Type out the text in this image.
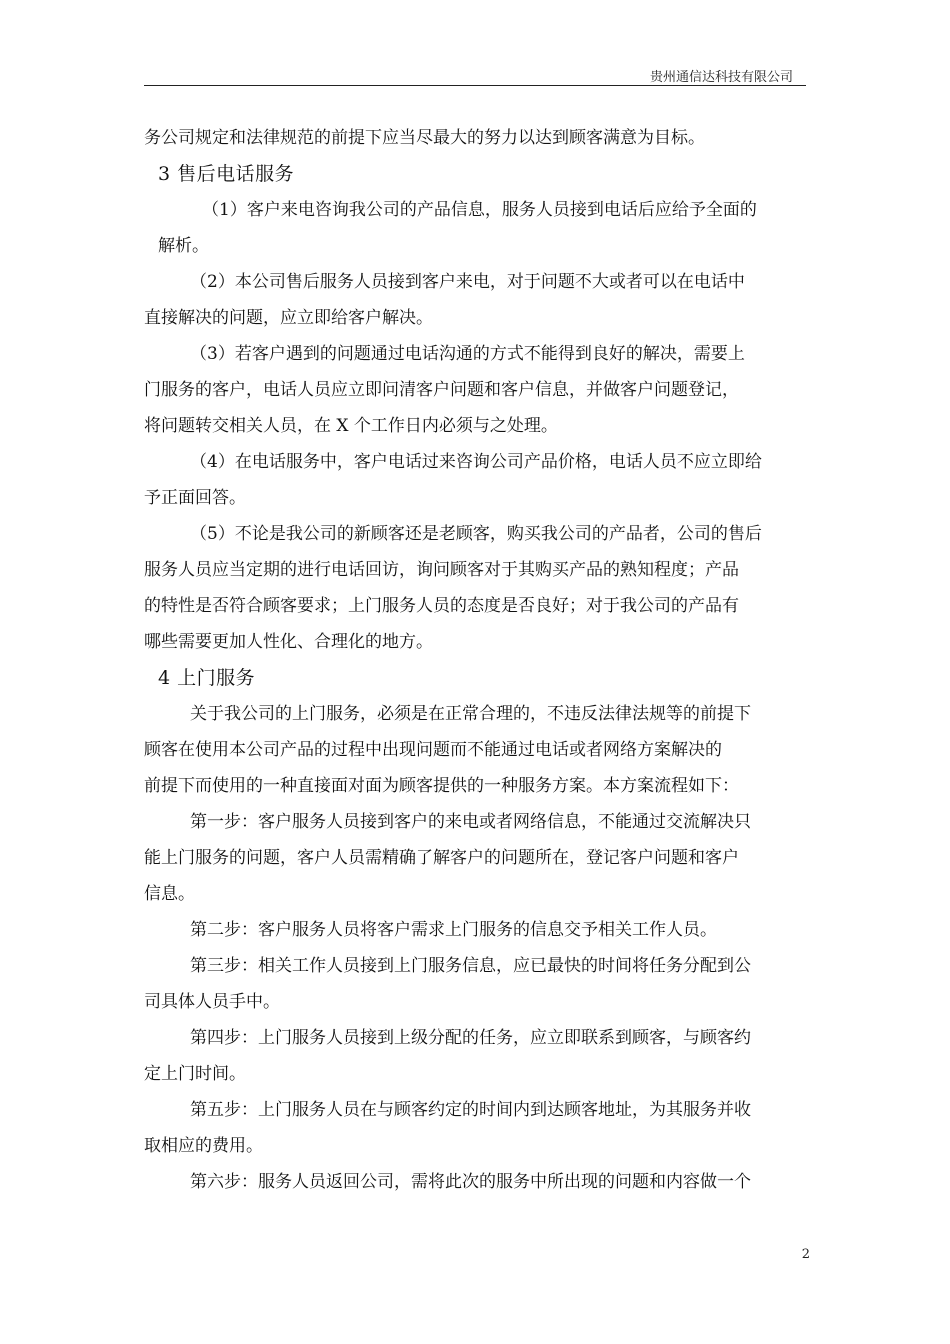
贵州通信达科技有限公司
务公司规定和法律规范的前提下应当尽最大的努力以达到顾客满意为目标。
3 售后电话服务
（1）客户来电咨询我公司的产品信息，服务人员接到电话后应给予全面的
解析。
（2）本公司售后服务人员接到客户来电，对于问题不大或者可以在电话中
直接解决的问题，应立即给客户解决。
（3）若客户遇到的问题通过电话沟通的方式不能得到良好的解决，需要上
门服务的客户，电话人员应立即问清客户问题和客户信息，并做客户问题登记，
将问题转交相关人员，在 X 个工作日内必须与之处理。
（4）在电话服务中，客户电话过来咨询公司产品价格，电话人员不应立即给
予正面回答。
（5）不论是我公司的新顾客还是老顾客，购买我公司的产品者，公司的售后
服务人员应当定期的进行电话回访，询问顾客对于其购买产品的熟知程度；产品
的特性是否符合顾客要求；上门服务人员的态度是否良好；对于我公司的产品有
哪些需要更加人性化、合理化的地方。
4 上门服务
关于我公司的上门服务，必须是在正常合理的，不违反法律法规等的前提下
顾客在使用本公司产品的过程中出现问题而不能通过电话或者网络方案解决的
前提下而使用的一种直接面对面为顾客提供的一种服务方案。本方案流程如下：
第一步：客户服务人员接到客户的来电或者网络信息，不能通过交流解决只
能上门服务的问题，客户人员需精确了解客户的问题所在，登记客户问题和客户
信息。
第二步：客户服务人员将客户需求上门服务的信息交予相关工作人员。
第三步：相关工作人员接到上门服务信息，应已最快的时间将任务分配到公
司具体人员手中。
第四步：上门服务人员接到上级分配的任务，应立即联系到顾客，与顾客约
定上门时间。
第五步：上门服务人员在与顾客约定的时间内到达顾客地址，为其服务并收
取相应的费用。
第六步：服务人员返回公司，需将此次的服务中所出现的问题和内容做一个
2
